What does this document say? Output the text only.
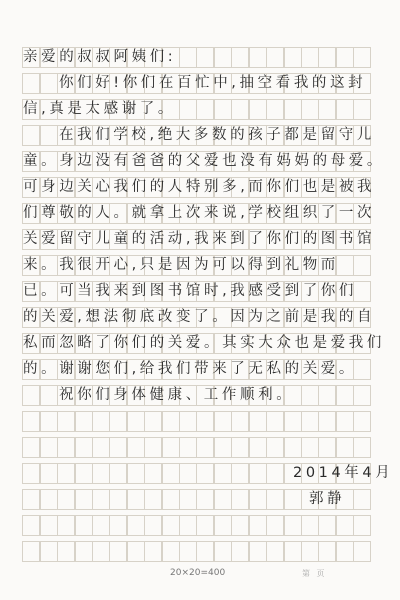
亲爱的叔叔阿姨们:
你们好!你们在百忙中,抽空看我的这封
信,真是太感谢了。
在我们学校,绝大多数的孩子都是留守儿
童。身边没有爸爸的父爱也没有妈妈的母爱。
可身边关心我们的人特别多,而你们也是被我
们尊敬的人。就拿上次来说,学校组织了一次
关爱留守儿童的活动,我来到了你们的图书馆
来。我很开心,只是因为可以得到礼物而
已。可当我来到图书馆时,我感受到了你们
的关爱,想法彻底改变了。因为之前是我的自
私而忽略了你们的关爱。其实大众也是爱我们
的。谢谢您们,给我们带来了无私的关爱。
祝你们身体健康、工作顺利。
2014年4月
郭静
20×20=400	第 页
